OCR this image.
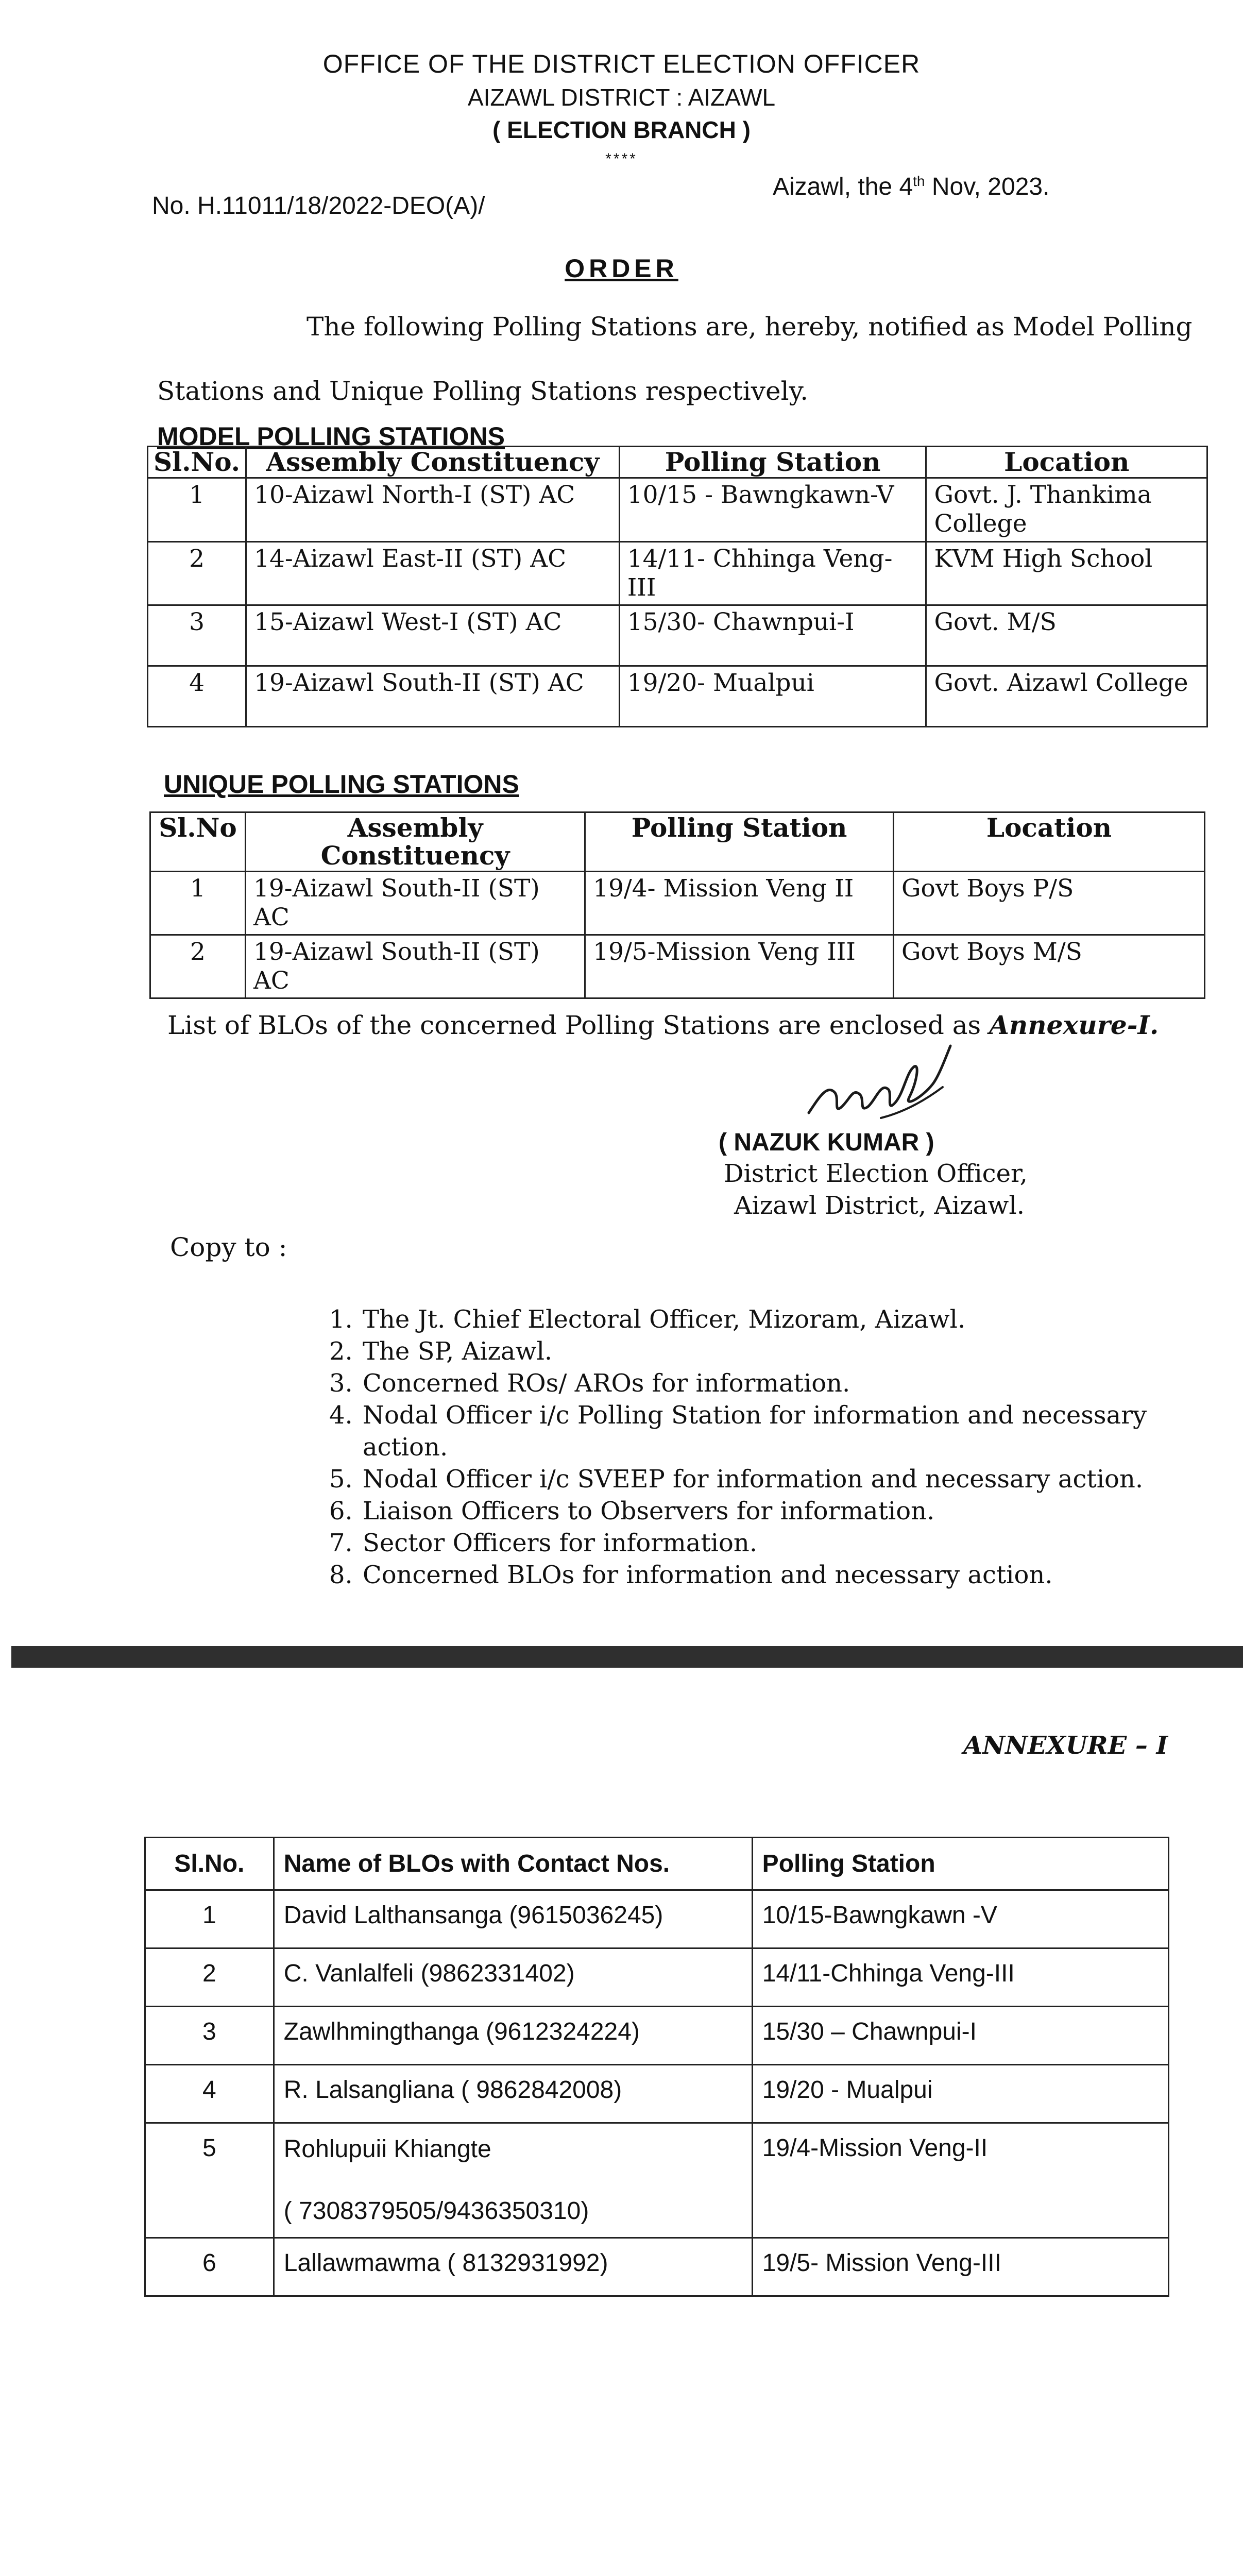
OFFICE OF THE DISTRICT ELECTION OFFICER
AIZAWL DISTRICT : AIZAWL
( ELECTION BRANCH )
****
No. H.11011/18/2022-DEO(A)/
Aizawl, the 4th Nov, 2023.
ORDER
The following Polling Stations are, hereby, notified as Model Polling
Stations and Unique Polling Stations respectively.
MODEL POLLING STATIONS
Sl.No.	Assembly Constituency	Polling Station	Location
1	10-Aizawl North-I (ST) AC	10/15 - Bawngkawn-V	Govt. J. Thankima College
2	14-Aizawl East-II (ST) AC	14/11- Chhinga Veng-III	KVM High School
3	15-Aizawl West-I (ST) AC	15/30- Chawnpui-I	Govt. M/S
4	19-Aizawl South-II (ST) AC	19/20- Mualpui	Govt. Aizawl College
UNIQUE POLLING STATIONS
Sl.No	Assembly Constituency	Polling Station	Location
1	19-Aizawl South-II (ST) AC	19/4- Mission Veng II	Govt Boys P/S
2	19-Aizawl South-II (ST) AC	19/5-Mission Veng III	Govt Boys M/S
List of BLOs of the concerned Polling Stations are enclosed as Annexure-I.
( NAZUK KUMAR )
District Election Officer,
Aizawl District, Aizawl.
Copy to :
1. The Jt. Chief Electoral Officer, Mizoram, Aizawl.
2. The SP, Aizawl.
3. Concerned ROs/ AROs for information.
4. Nodal Officer i/c Polling Station for information and necessary action.
5. Nodal Officer i/c SVEEP for information and necessary action.
6. Liaison Officers to Observers for information.
7. Sector Officers for information.
8. Concerned BLOs for information and necessary action.
ANNEXURE – I
Sl.No.	Name of BLOs with Contact Nos.	Polling Station
1	David Lalthansanga (9615036245)	10/15-Bawngkawn -V
2	C. Vanlalfeli (9862331402)	14/11-Chhinga Veng-III
3	Zawlhmingthanga (9612324224)	15/30 – Chawnpui-I
4	R. Lalsangliana ( 9862842008)	19/20 - Mualpui
5	Rohlupuii Khiangte

( 7308379505/9436350310)	19/4-Mission Veng-II
6	Lallawmawma ( 8132931992)	19/5- Mission Veng-III
